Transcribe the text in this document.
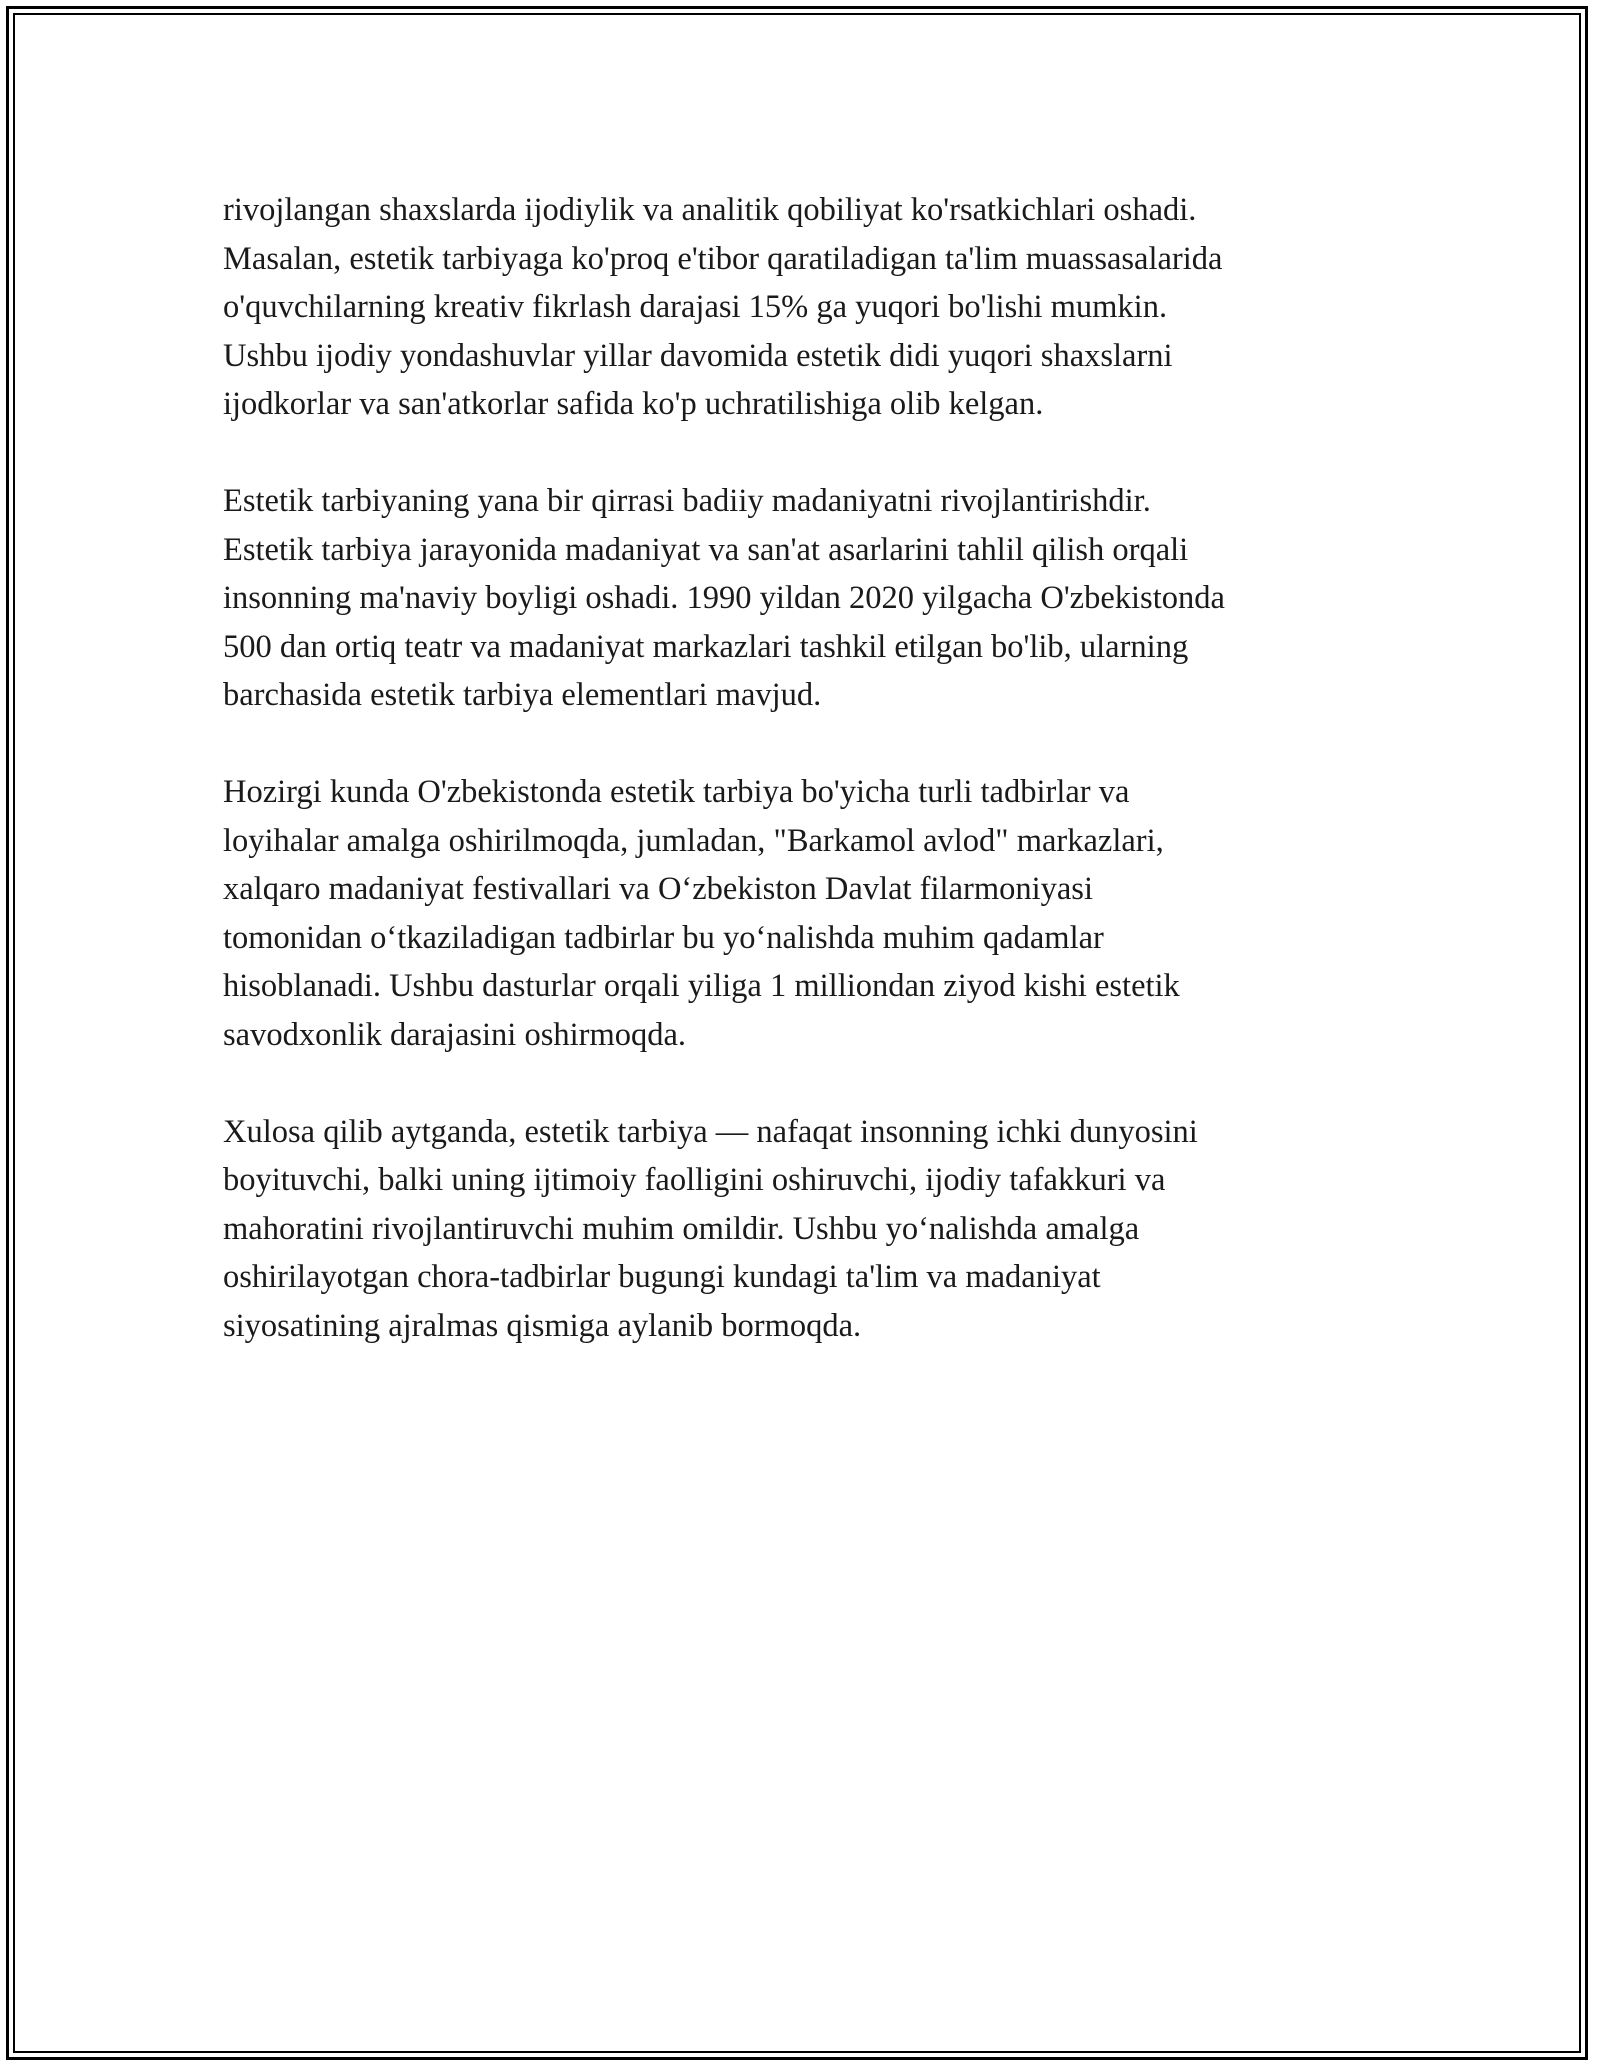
rivojlangan shaxslarda ijodiylik va analitik qobiliyat ko'rsatkichlari oshadi.
Masalan, estetik tarbiyaga ko'proq e'tibor qaratiladigan ta'lim muassasalarida
o'quvchilarning kreativ fikrlash darajasi 15% ga yuqori bo'lishi mumkin.
Ushbu ijodiy yondashuvlar yillar davomida estetik didi yuqori shaxslarni
ijodkorlar va san'atkorlar safida ko'p uchratilishiga olib kelgan.

Estetik tarbiyaning yana bir qirrasi badiiy madaniyatni rivojlantirishdir.
Estetik tarbiya jarayonida madaniyat va san'at asarlarini tahlil qilish orqali
insonning ma'naviy boyligi oshadi. 1990 yildan 2020 yilgacha O'zbekistonda
500 dan ortiq teatr va madaniyat markazlari tashkil etilgan bo'lib, ularning
barchasida estetik tarbiya elementlari mavjud.

Hozirgi kunda O'zbekistonda estetik tarbiya bo'yicha turli tadbirlar va
loyihalar amalga oshirilmoqda, jumladan, "Barkamol avlod" markazlari,
xalqaro madaniyat festivallari va O‘zbekiston Davlat filarmoniyasi
tomonidan o‘tkaziladigan tadbirlar bu yo‘nalishda muhim qadamlar
hisoblanadi. Ushbu dasturlar orqali yiliga 1 milliondan ziyod kishi estetik
savodxonlik darajasini oshirmoqda.

Xulosa qilib aytganda, estetik tarbiya — nafaqat insonning ichki dunyosini
boyituvchi, balki uning ijtimoiy faolligini oshiruvchi, ijodiy tafakkuri va
mahoratini rivojlantiruvchi muhim omildir. Ushbu yo‘nalishda amalga
oshirilayotgan chora-tadbirlar bugungi kundagi ta'lim va madaniyat
siyosatining ajralmas qismiga aylanib bormoqda.
